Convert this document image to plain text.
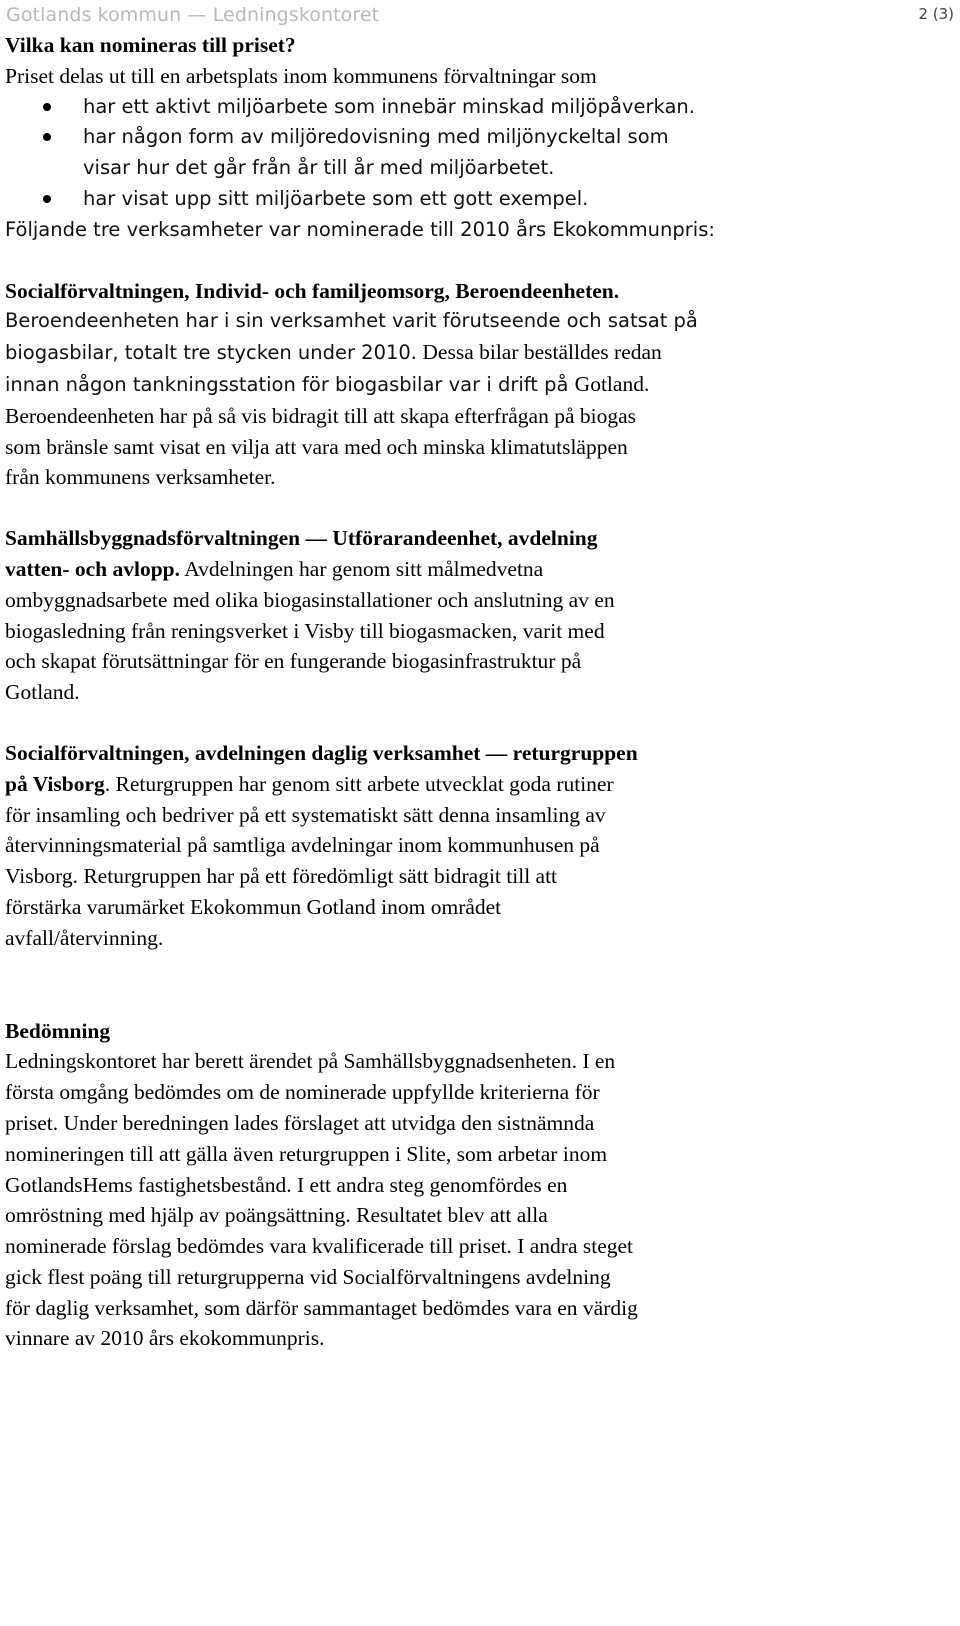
Gotlands kommun — Ledningskontoret	2 (3)

Vilka kan nomineras till priset?

Priset delas ut till en arbetsplats inom kommunens förvaltningar som

har ett aktivt miljöarbete som innebär minskad miljöpåverkan.
har någon form av miljöredovisning med miljönyckeltal som
visar hur det går från år till år med miljöarbetet.
har visat upp sitt miljöarbete som ett gott exempel.

Följande tre verksamheter var nominerade till 2010 års Ekokommunpris:

Socialförvaltningen, Individ- och familjeomsorg, Beroendeenheten.

Beroendeenheten har i sin verksamhet varit förutseende och satsat på
biogasbilar, totalt tre stycken under 2010. Dessa bilar beställdes redan
innan någon tankningsstation för biogasbilar var i drift på Gotland.

Beroendeenheten har på så vis bidragit till att skapa efterfrågan på biogas
som bränsle samt visat en vilja att vara med och minska klimatutsläppen
från kommunens verksamheter.

Samhällsbyggnadsförvaltningen — Utförarandeenhet, avdelning
vatten- och avlopp. Avdelningen har genom sitt målmedvetna
ombyggnadsarbete med olika biogasinstallationer och anslutning av en
biogasledning från reningsverket i Visby till biogasmacken, varit med
och skapat förutsättningar för en fungerande biogasinfrastruktur på
Gotland.

Socialförvaltningen, avdelningen daglig verksamhet — returgruppen
på Visborg. Returgruppen har genom sitt arbete utvecklat goda rutiner
för insamling och bedriver på ett systematiskt sätt denna insamling av
återvinningsmaterial på samtliga avdelningar inom kommunhusen på
Visborg. Returgruppen har på ett föredömligt sätt bidragit till att
förstärka varumärket Ekokommun Gotland inom området
avfall/återvinning.

Bedömning

Ledningskontoret har berett ärendet på Samhällsbyggnadsenheten. I en
första omgång bedömdes om de nominerade uppfyllde kriterierna för
priset. Under beredningen lades förslaget att utvidga den sistnämnda
nomineringen till att gälla även returgruppen i Slite, som arbetar inom
GotlandsHems fastighetsbestånd. I ett andra steg genomfördes en
omröstning med hjälp av poängsättning. Resultatet blev att alla
nominerade förslag bedömdes vara kvalificerade till priset. I andra steget
gick flest poäng till returgrupperna vid Socialförvaltningens avdelning
för daglig verksamhet, som därför sammantaget bedömdes vara en värdig
vinnare av 2010 års ekokommunpris.
